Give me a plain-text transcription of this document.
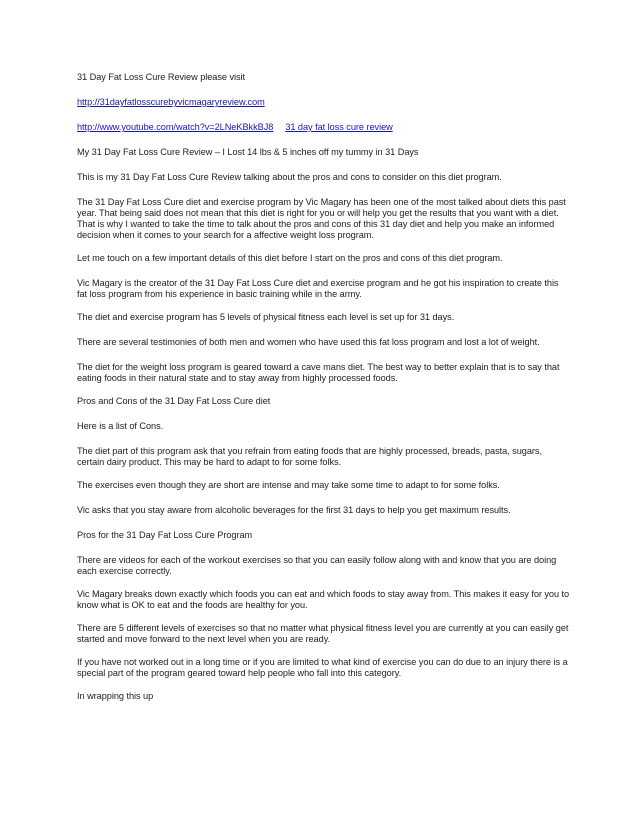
31 Day Fat Loss Cure Review please visit

http://31dayfatlosscurebyvicmagaryreview.com

http://www.youtube.com/watch?v=2LNeKBkkBJ8 31 day fat loss cure review

My 31 Day Fat Loss Cure Review – I Lost 14 lbs & 5 inches off my tummy in 31 Days

This is my 31 Day Fat Loss Cure Review talking about the pros and cons to consider on this diet program.

The 31 Day Fat Loss Cure diet and exercise program by Vic Magary has been one of the most talked about diets this past year. That being said does not mean that this diet is right for you or will help you get the results that you want with a diet. That is why I wanted to take the time to talk about the pros and cons of this 31 day diet and help you make an informed decision when it comes to your search for a affective weight loss program.

Let me touch on a few important details of this diet before I start on the pros and cons of this diet program.

Vic Magary is the creator of the 31 Day Fat Loss Cure diet and exercise program and he got his inspiration to create this fat loss program from his experience in basic training while in the army.

The diet and exercise program has 5 levels of physical fitness each level is set up for 31 days.

There are several testimonies of both men and women who have used this fat loss program and lost a lot of weight.

The diet for the weight loss program is geared toward a cave mans diet. The best way to better explain that is to say that eating foods in their natural state and to stay away from highly processed foods.

Pros and Cons of the 31 Day Fat Loss Cure diet

Here is a list of Cons.

The diet part of this program ask that you refrain from eating foods that are highly processed, breads, pasta, sugars, certain dairy product. This may be hard to adapt to for some folks.

The exercises even though they are short are intense and may take some time to adapt to for some folks.

Vic asks that you stay aware from alcoholic beverages for the first 31 days to help you get maximum results.

Pros for the 31 Day Fat Loss Cure Program

There are videos for each of the workout exercises so that you can easily follow along with and know that you are doing each exercise correctly.

Vic Magary breaks down exactly which foods you can eat and which foods to stay away from. This makes it easy for you to know what is OK to eat and the foods are healthy for you.

There are 5 different levels of exercises so that no matter what physical fitness level you are currently at you can easily get started and move forward to the next level when you are ready.

If you have not worked out in a long time or if you are limited to what kind of exercise you can do due to an injury there is a special part of the program geared toward help people who fall into this category.

In wrapping this up
